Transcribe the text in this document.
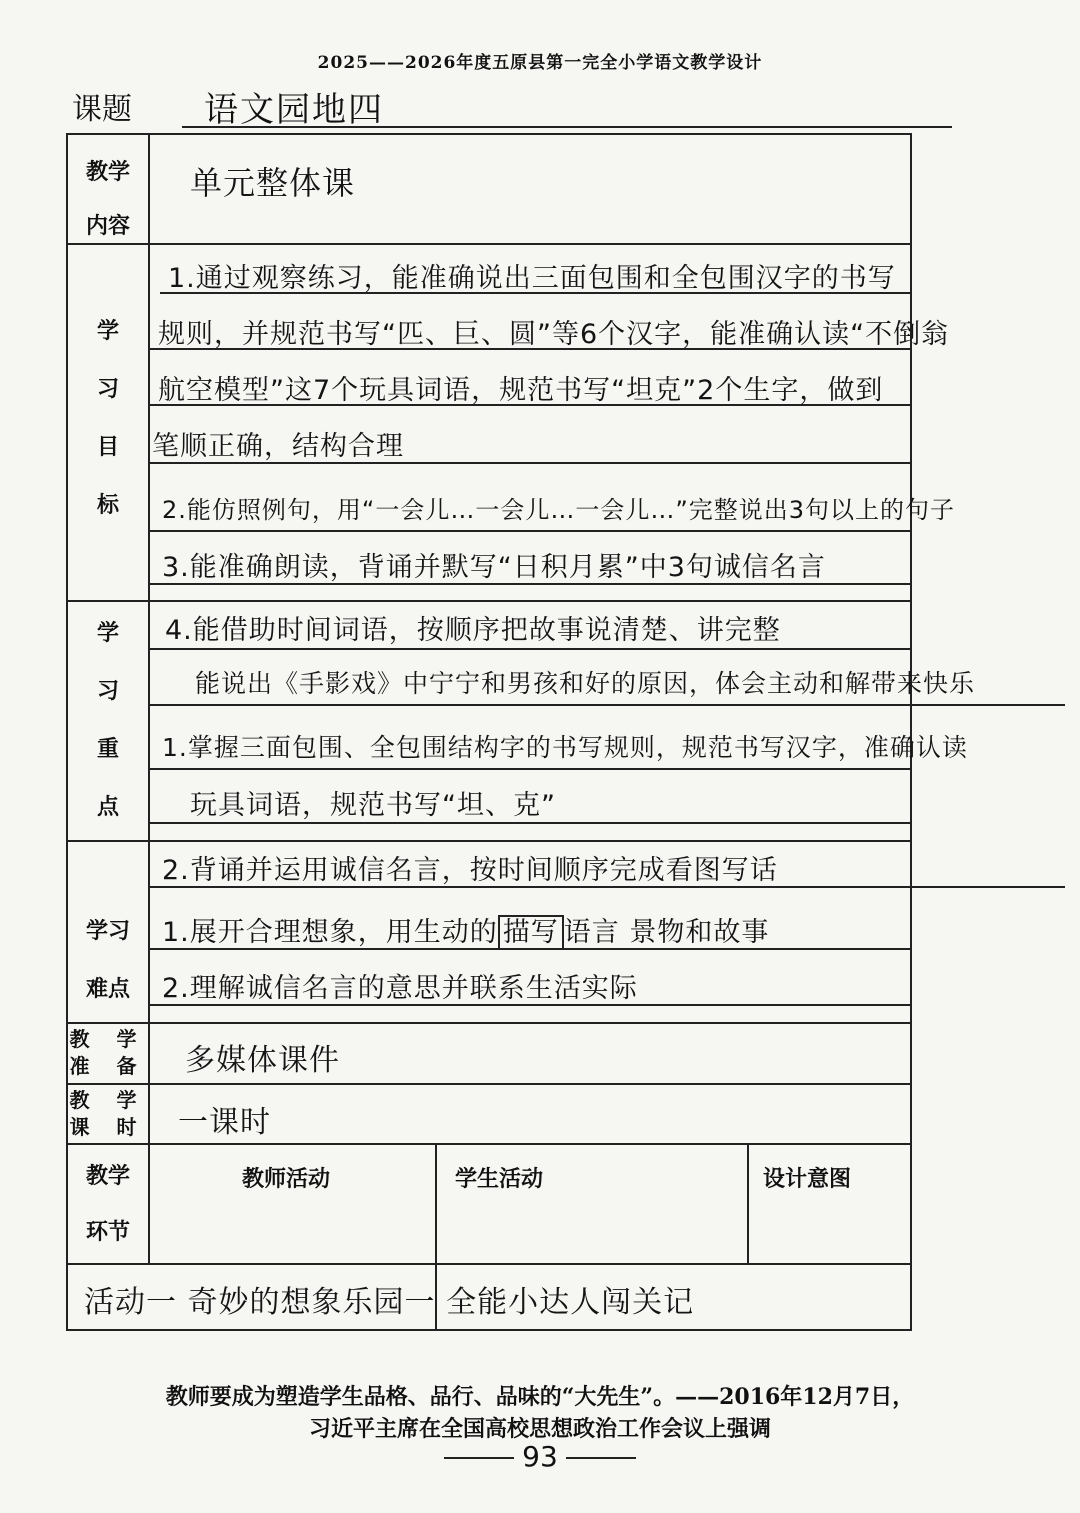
2025——2026年度五原县第一完全小学语文教学设计
课题 语文园地四
教学
内容
单元整体课
学
习
目
标
1.通过观察练习，能准确说出三面包围和全包围汉字的书写
规则，并规范书写“匹、巨、圆”等6个汉字，能准确认读“不倒翁
航空模型”这7个玩具词语，规范书写“坦克”2个生字，做到
笔顺正确，结构合理
2.能仿照例句，用“一会儿…一会儿…一会儿…”完整说出3句以上的句子
3.能准确朗读，背诵并默写“日积月累”中3句诚信名言
4.能借助时间词语，按顺序把故事说清楚、讲完整
能说出《手影戏》中宁宁和男孩和好的原因，体会主动和解带来快乐
学
习
重
点
1.掌握三面包围、全包围结构字的书写规则，规范书写汉字，准确认读
玩具词语，规范书写“坦、克”
2.背诵并运用诚信名言，按时间顺序完成看图写话
学习
难点
1.展开合理想象，用生动的 描写 语言 景物和故事
2.理解诚信名言的意思并联系生活实际
教 学
准 备 多媒体课件
教 学
课 时 一课时
教学
环节
教师活动	学生活动	设计意图
活动一 奇妙的想象乐园一 全能小达人闯关记
教师要成为塑造学生品格、品行、品味的“大先生”。——2016年12月7日，
习近平主席在全国高校思想政治工作会议上强调
93
